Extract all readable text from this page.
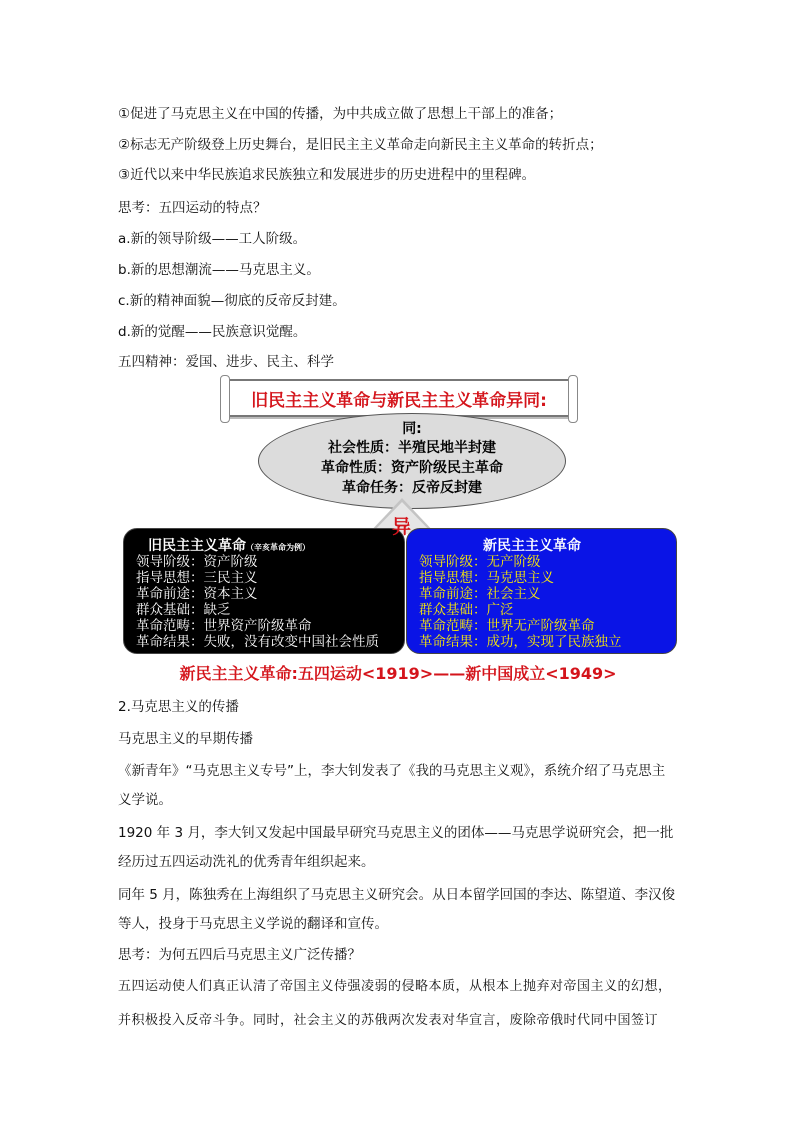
①促进了马克思主义在中国的传播，为中共成立做了思想上干部上的准备；
②标志无产阶级登上历史舞台，是旧民主主义革命走向新民主主义革命的转折点；
③近代以来中华民族追求民族独立和发展进步的历史进程中的里程碑。
思考：五四运动的特点？
a.新的领导阶级——工人阶级。
b.新的思想潮流——马克思主义。
c.新的精神面貌—彻底的反帝反封建。
d.新的觉醒——民族意识觉醒。
五四精神：爱国、进步、民主、科学
旧民主主义革命与新民主主义革命异同:
同:
社会性质：半殖民地半封建
革命性质：资产阶级民主革命
革命任务：反帝反封建
旧民主主义革命（辛亥革命为例）
领导阶级：资产阶级
指导思想：三民主义
革命前途：资本主义
群众基础：缺乏
革命范畴：世界资产阶级革命
革命结果：失败，没有改变中国社会性质
新民主主义革命
领导阶级：无产阶级
指导思想：马克思主义
革命前途：社会主义
群众基础：广泛
革命范畴：世界无产阶级革命
革命结果：成功，实现了民族独立
异
新民主主义革命:五四运动<1919>——新中国成立<1949>
2.马克思主义的传播
马克思主义的早期传播
《新青年》“马克思主义专号”上，李大钊发表了《我的马克思主义观》，系统介绍了马克思主义学说。
1920 年 3 月，李大钊又发起中国最早研究马克思主义的团体——马克思学说研究会，把一批经历过五四运动洗礼的优秀青年组织起来。
同年 5 月，陈独秀在上海组织了马克思主义研究会。从日本留学回国的李达、陈望道、李汉俊等人，投身于马克思主义学说的翻译和宣传。
思考：为何五四后马克思主义广泛传播？
五四运动使人们真正认清了帝国主义侍强凌弱的侵略本质，从根本上抛弃对帝国主义的幻想，
并积极投入反帝斗争。同时，社会主义的苏俄两次发表对华宣言，废除帝俄时代同中国签订
